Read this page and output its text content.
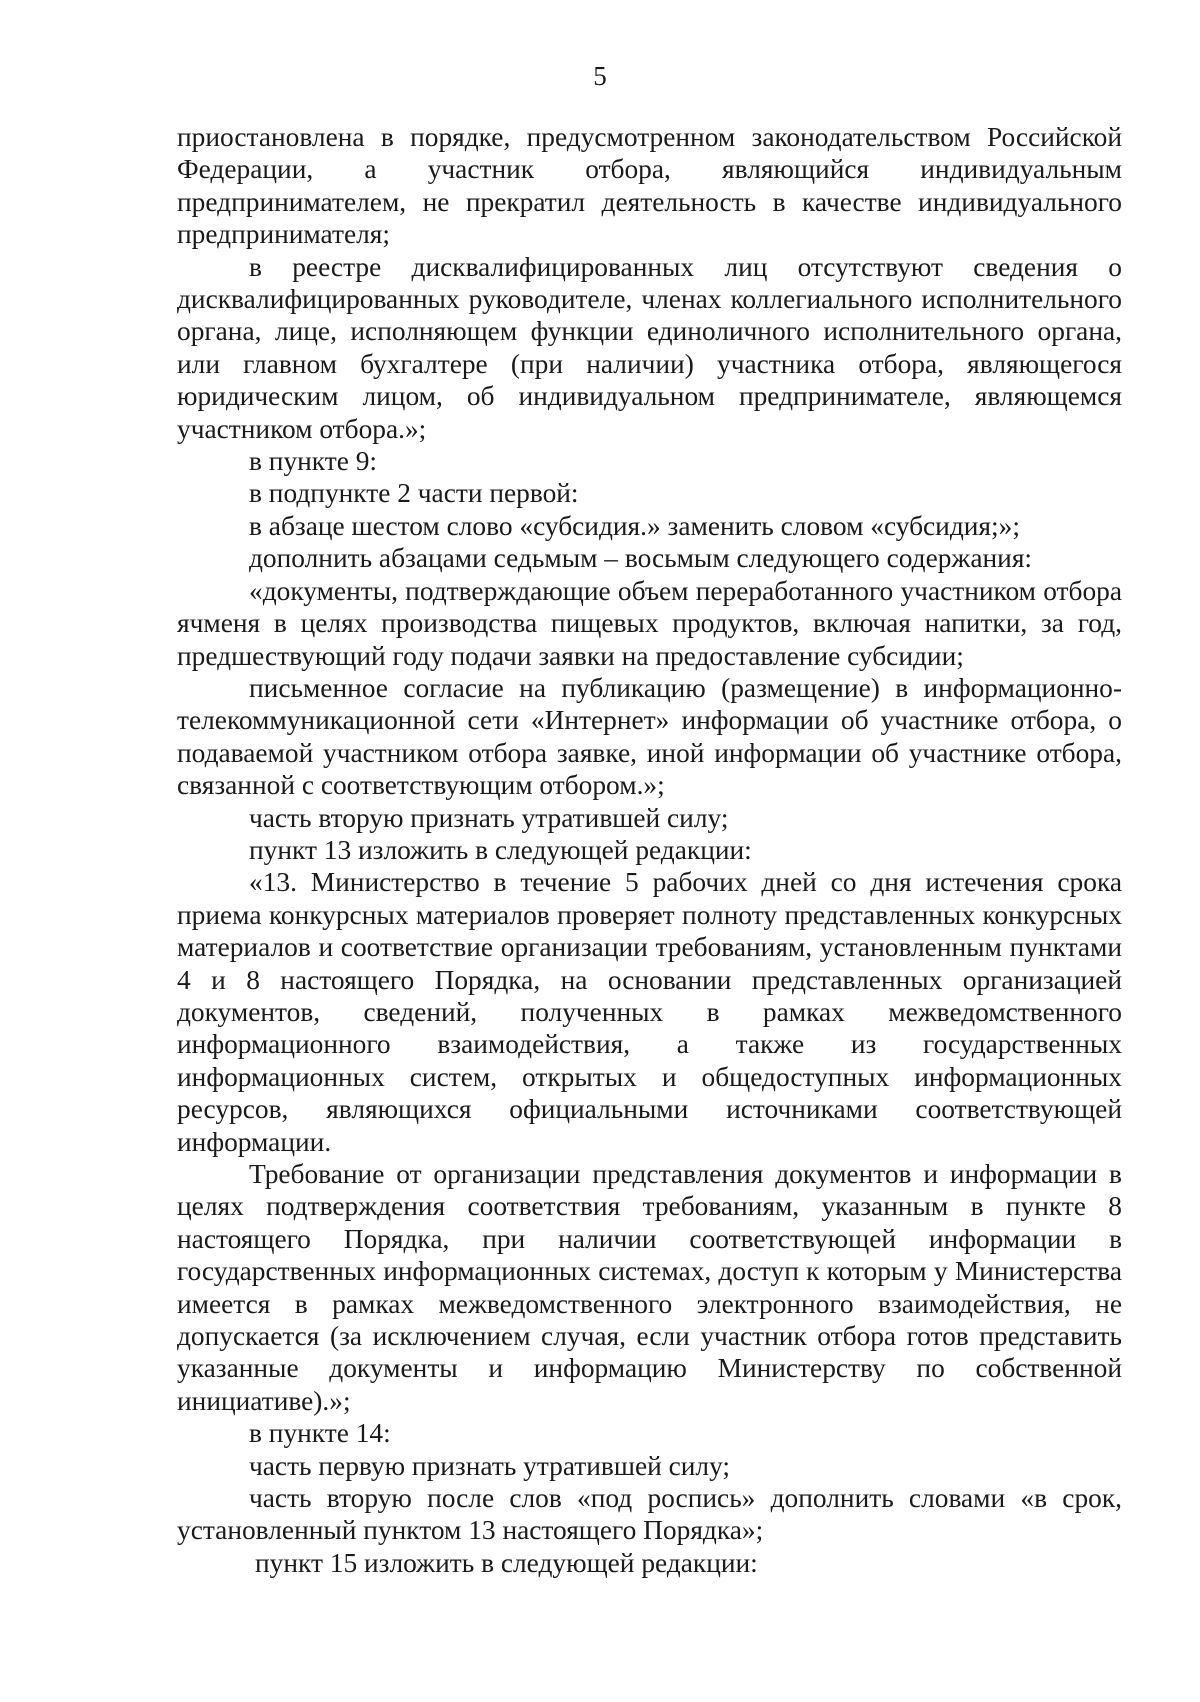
5

приостановлена в порядке, предусмотренном законодательством Российской Федерации, а участник отбора, являющийся индивидуальным предпринимателем, не прекратил деятельность в качестве индивидуального предпринимателя;

в реестре дисквалифицированных лиц отсутствуют сведения о дисквалифицированных руководителе, членах коллегиального исполнительного органа, лице, исполняющем функции единоличного исполнительного органа, или главном бухгалтере (при наличии) участника отбора, являющегося юридическим лицом, об индивидуальном предпринимателе, являющемся участником отбора.»;

в пункте 9:

в подпункте 2 части первой:

в абзаце шестом слово «субсидия.» заменить словом «субсидия;»;

дополнить абзацами седьмым – восьмым следующего содержания:

«документы, подтверждающие объем переработанного участником отбора ячменя в целях производства пищевых продуктов, включая напитки, за год, предшествующий году подачи заявки на предоставление субсидии;

письменное согласие на публикацию (размещение) в информационно-телекоммуникационной сети «Интернет» информации об участнике отбора, о подаваемой участником отбора заявке, иной информации об участнике отбора, связанной с соответствующим отбором.»;

часть вторую признать утратившей силу;

пункт 13 изложить в следующей редакции:

«13. Министерство в течение 5 рабочих дней со дня истечения срока приема конкурсных материалов проверяет полноту представленных конкурсных материалов и соответствие организации требованиям, установленным пунктами 4 и 8 настоящего Порядка, на основании представленных организацией документов, сведений, полученных в рамках межведомственного информационного взаимодействия, а также из государственных информационных систем, открытых и общедоступных информационных ресурсов, являющихся официальными источниками соответствующей информации.

Требование от организации представления документов и информации в целях подтверждения соответствия требованиям, указанным в пункте 8 настоящего Порядка, при наличии соответствующей информации в государственных информационных системах, доступ к которым у Министерства имеется в рамках межведомственного электронного взаимодействия, не допускается (за исключением случая, если участник отбора готов представить указанные документы и информацию Министерству по собственной инициативе).»;

в пункте 14:

часть первую признать утратившей силу;

часть вторую после слов «под роспись» дополнить словами «в срок, установленный пунктом 13 настоящего Порядка»;

пункт 15 изложить в следующей редакции:
